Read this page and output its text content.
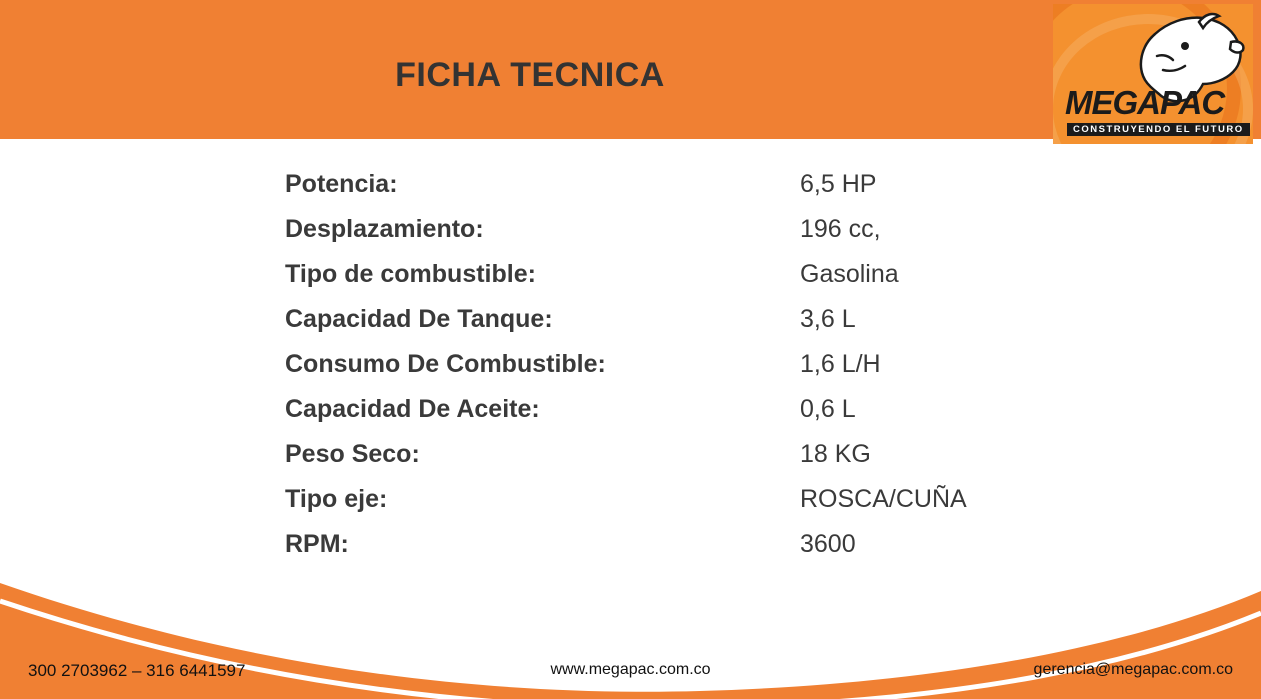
FICHA TECNICA
MEGAPAC
CONSTRUYENDO EL FUTURO
Potencia:	6,5 HP
Desplazamiento:	196 cc,
Tipo de combustible:	Gasolina
Capacidad De Tanque:	3,6 L
Consumo De Combustible:	1,6 L/H
Capacidad De Aceite:	0,6 L
Peso Seco:	18 KG
Tipo eje:	ROSCA/CUÑA
RPM:	3600
300 2703962 – 316 6441597	www.megapac.com.co	gerencia@megapac.com.co
